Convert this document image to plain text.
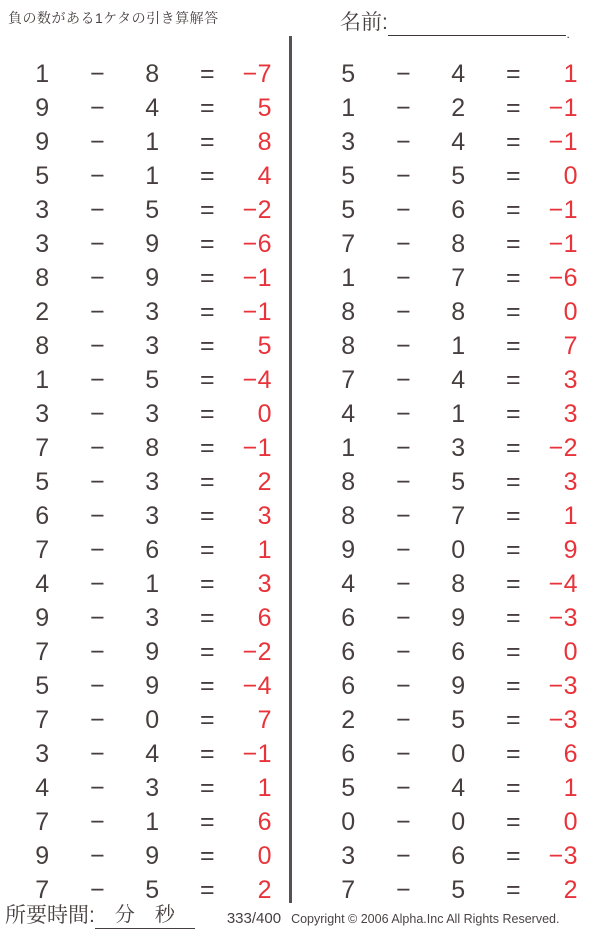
負の数がある1ケタの引き算解答	名前:	.
1	−	8	=	−7
9	−	4	=	5
9	−	1	=	8
5	−	1	=	4
3	−	5	=	−2
3	−	9	=	−6
8	−	9	=	−1
2	−	3	=	−1
8	−	3	=	5
1	−	5	=	−4
3	−	3	=	0
7	−	8	=	−1
5	−	3	=	2
6	−	3	=	3
7	−	6	=	1
4	−	1	=	3
9	−	3	=	6
7	−	9	=	−2
5	−	9	=	−4
7	−	0	=	7
3	−	4	=	−1
4	−	3	=	1
7	−	1	=	6
9	−	9	=	0
7	−	5	=	2
5	−	4	=	1
1	−	2	=	−1
3	−	4	=	−1
5	−	5	=	0
5	−	6	=	−1
7	−	8	=	−1
1	−	7	=	−6
8	−	8	=	0
8	−	1	=	7
7	−	4	=	3
4	−	1	=	3
1	−	3	=	−2
8	−	5	=	3
8	−	7	=	1
9	−	0	=	9
4	−	8	=	−4
6	−	9	=	−3
6	−	6	=	0
6	−	9	=	−3
2	−	5	=	−3
6	−	0	=	6
5	−	4	=	1
0	−	0	=	0
3	−	6	=	−3
7	−	5	=	2
所要時間: 分 秒	333/400 Copyright © 2006 Alpha.Inc All Rights Reserved.
